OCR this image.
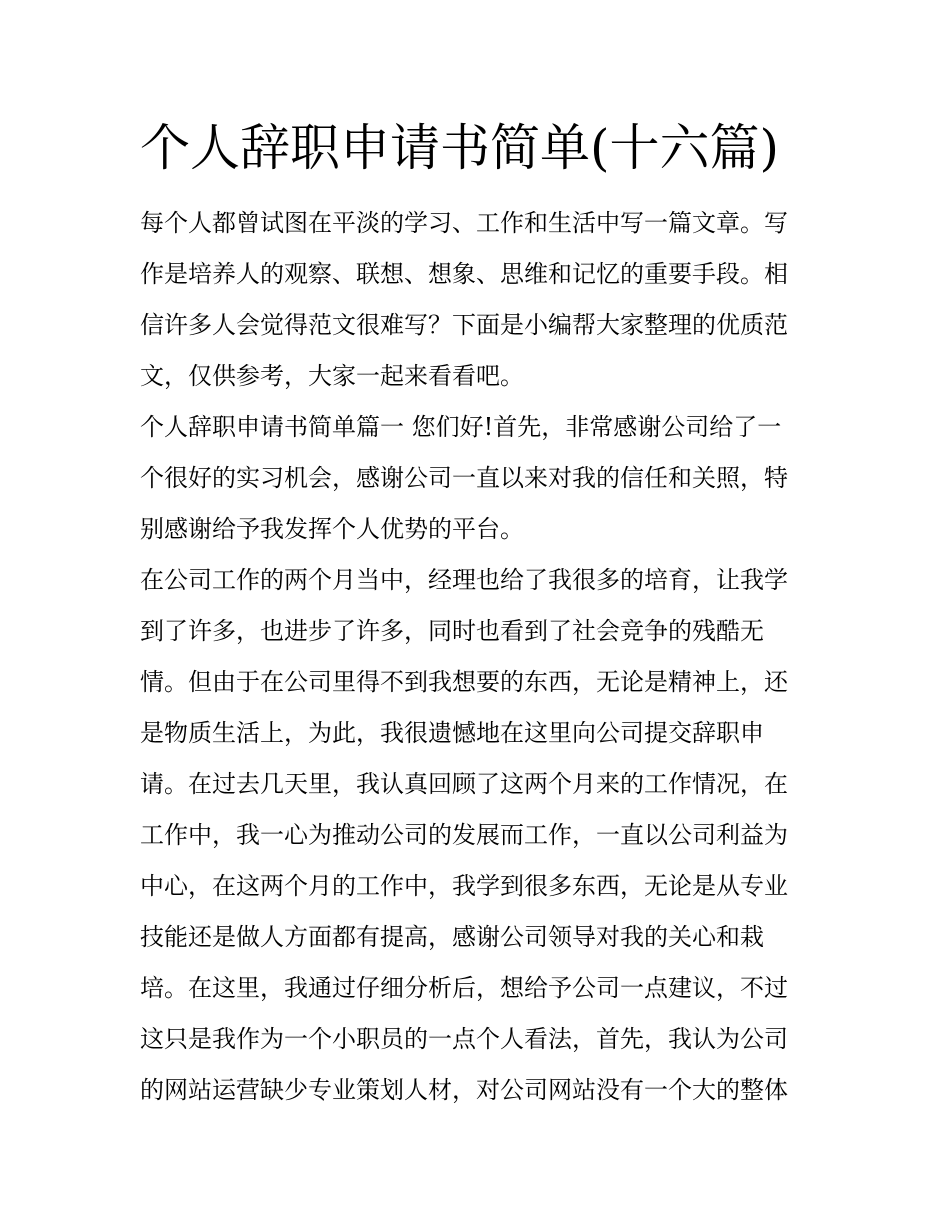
个人辞职申请书简单(十六篇)

每个人都曾试图在平淡的学习、工作和生活中写一篇文章。写

作是培养人的观察、联想、想象、思维和记忆的重要手段。相

信许多人会觉得范文很难写？下面是小编帮大家整理的优质范

文，仅供参考，大家一起来看看吧。

个人辞职申请书简单篇一 您们好!首先，非常感谢公司给了一

个很好的实习机会，感谢公司一直以来对我的信任和关照，特

别感谢给予我发挥个人优势的平台。

在公司工作的两个月当中，经理也给了我很多的培育，让我学

到了许多，也进步了许多，同时也看到了社会竞争的残酷无

情。但由于在公司里得不到我想要的东西，无论是精神上，还

是物质生活上，为此，我很遗憾地在这里向公司提交辞职申

请。在过去几天里，我认真回顾了这两个月来的工作情况，在

工作中，我一心为推动公司的发展而工作，一直以公司利益为

中心，在这两个月的工作中，我学到很多东西，无论是从专业

技能还是做人方面都有提高，感谢公司领导对我的关心和栽

培。在这里，我通过仔细分析后，想给予公司一点建议，不过

这只是我作为一个小职员的一点个人看法，首先，我认为公司

的网站运营缺少专业策划人材，对公司网站没有一个大的整体
